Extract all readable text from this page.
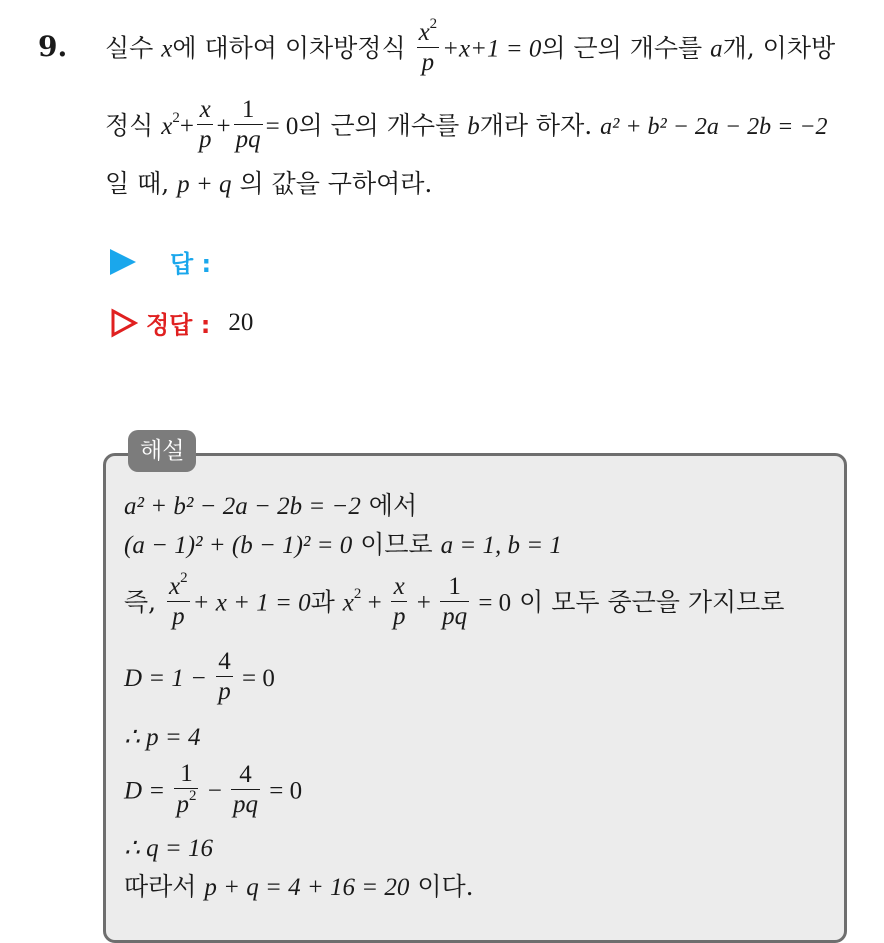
9. 실수 x에 대하여 이차방정식 $\frac{x^2}{p} +x+1 = 0$의 근의 개수를 a개, 이차방
정식 $x^2+ \frac{x}{p} + \frac{1}{pq} = 0$의 근의 개수를 b개라 하자. a² + b² − 2a − 2b = −2
일 때, p + q 의 값을 구하여라.
답 :
정답 : 20
해설
a² + b² − 2a − 2b = −2 에서
(a − 1)² + (b − 1)² = 0 이므로 a = 1, b = 1
즉, $\frac{x^2}{p} + x + 1 = 0$과 $x^2 + \frac{x}{p} + \frac{1}{pq} = 0$ 이 모두 중근을 가지므로
$D = 1 - \frac{4}{p} = 0$
∴ p = 4
$D = \frac{1}{p^2} - \frac{4}{pq} = 0$
∴ q = 16
따라서 p + q = 4 + 16 = 20 이다.
